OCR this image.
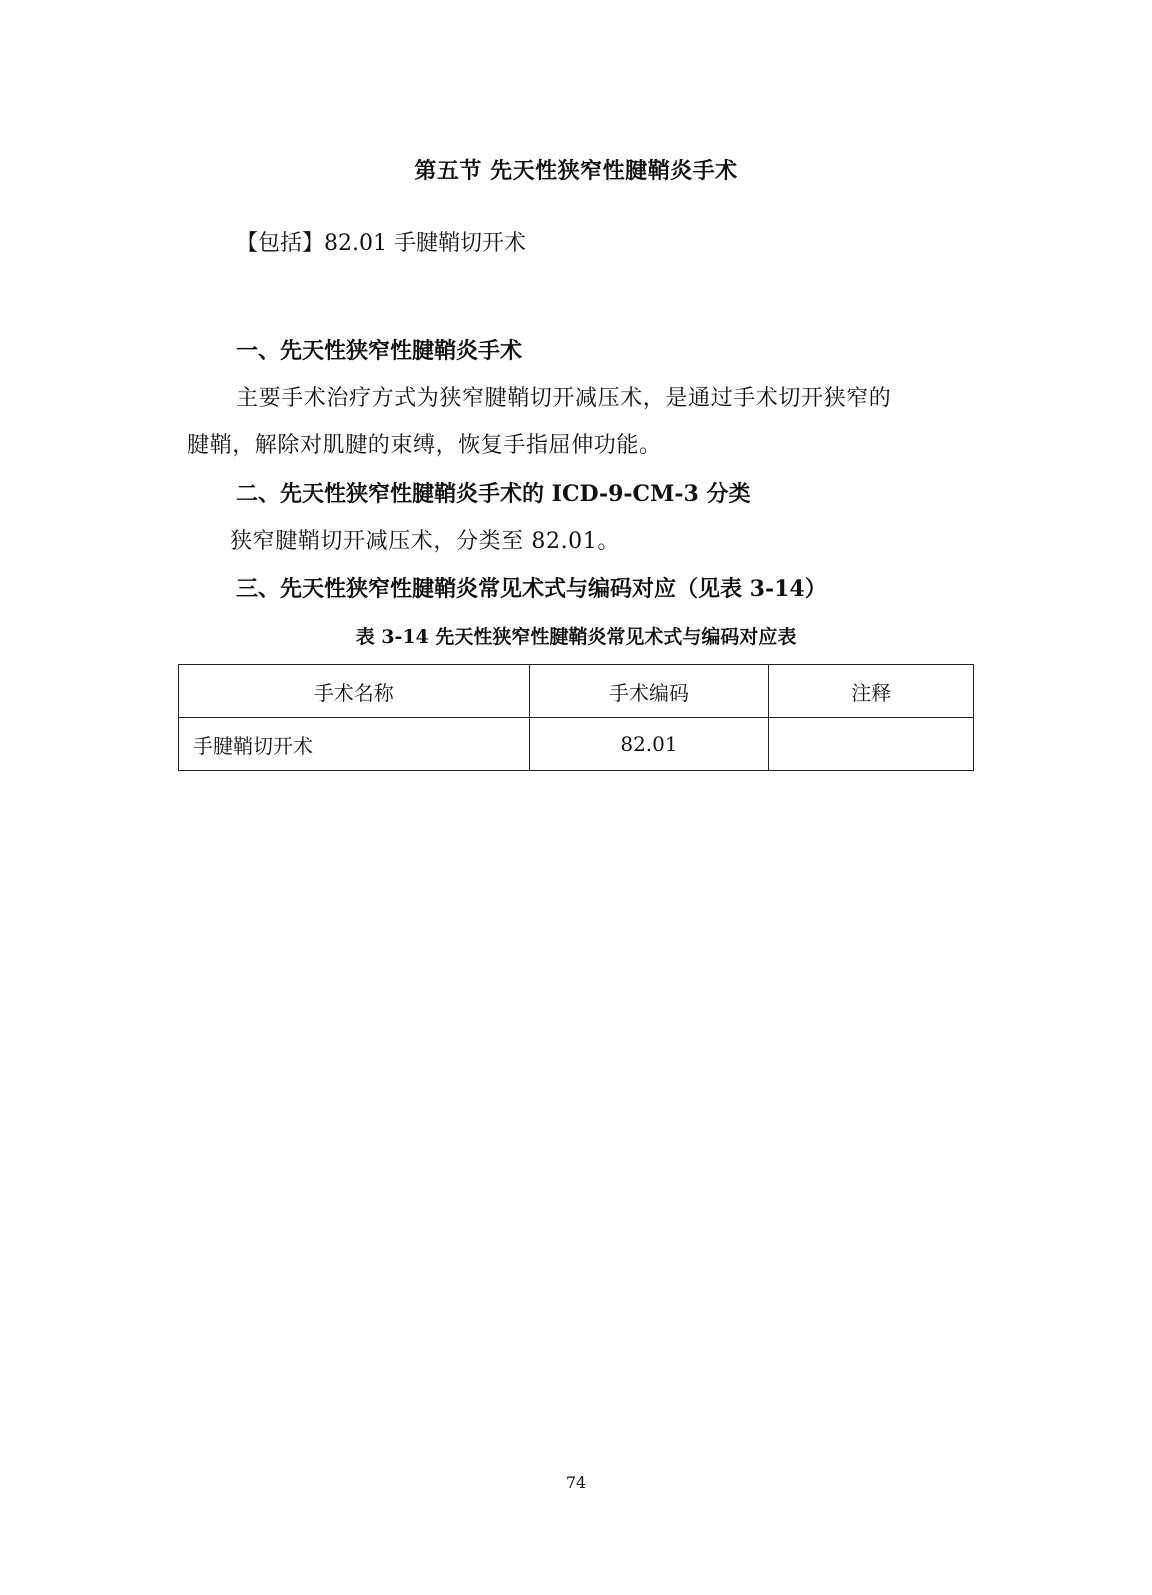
第五节 先天性狭窄性腱鞘炎手术
【包括】82.01 手腱鞘切开术
一、先天性狭窄性腱鞘炎手术
主要手术治疗方式为狭窄腱鞘切开减压术，是通过手术切开狭窄的
腱鞘，解除对肌腱的束缚，恢复手指屈伸功能。
二、先天性狭窄性腱鞘炎手术的 ICD-9-CM-3 分类
狭窄腱鞘切开减压术，分类至 82.01。
三、先天性狭窄性腱鞘炎常见术式与编码对应（见表 3-14）
表 3-14 先天性狭窄性腱鞘炎常见术式与编码对应表
手术名称	手术编码	注释
手腱鞘切开术	82.01	
74
